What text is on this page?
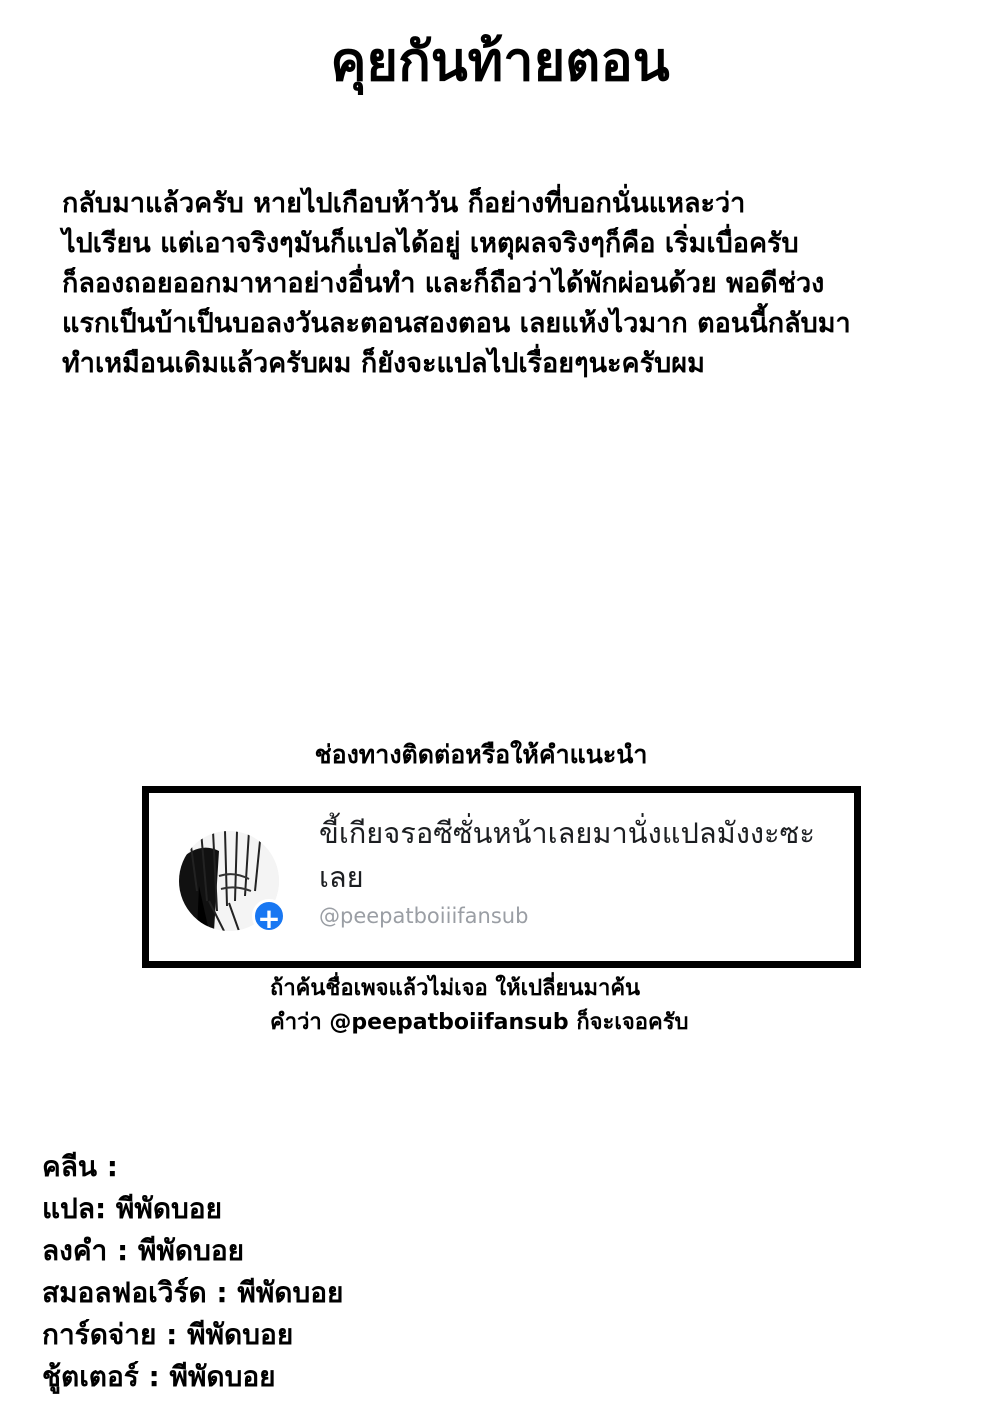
คุยกันท้ายตอน
กลับมาแล้วครับ หายไปเกือบห้าวัน ก็อย่างที่บอกนั่นแหละว่า
ไปเรียน แต่เอาจริงๆมันก็แปลได้อยู่ เหตุผลจริงๆก็คือ เริ่มเบื่อครับ
ก็ลองถอยออกมาหาอย่างอื่นทำ และก็ถือว่าได้พักผ่อนด้วย พอดีช่วง
แรกเป็นบ้าเป็นบอลงวันละตอนสองตอน เลยแห้งไวมาก ตอนนี้กลับมา
ทำเหมือนเดิมแล้วครับผม ก็ยังจะแปลไปเรื่อยๆนะครับผม
ช่องทางติดต่อหรือให้คำแนะนำ
+
ขี้เกียจรอซีซั่นหน้าเลยมานั่งแปลมังงะซะเลย
@peepatboiiifansub
ถ้าค้นชื่อเพจแล้วไม่เจอ ให้เปลี่ยนมาค้น
คำว่า @peepatboiifansub ก็จะเจอครับ
คลีน :
แปล: พีพัดบอย
ลงคำ : พีพัดบอย
สมอลฟอเวิร์ด : พีพัดบอย
การ์ดจ่าย : พีพัดบอย
ชู้ตเตอร์ : พีพัดบอย
